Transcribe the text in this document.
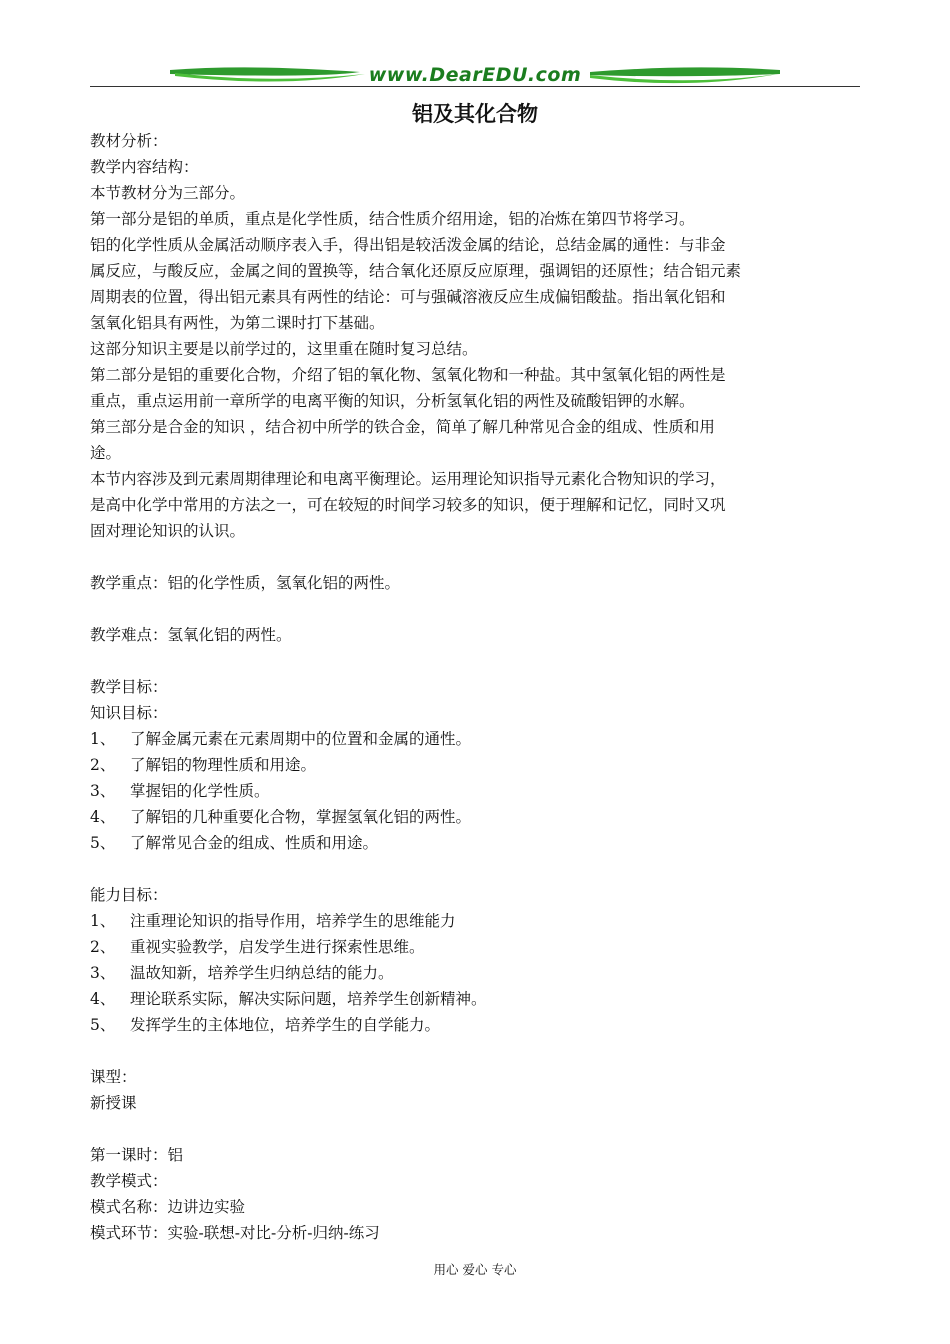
www.DearEDU.com
铝及其化合物
教材分析：
教学内容结构：
本节教材分为三部分。
第一部分是铝的单质，重点是化学性质，结合性质介绍用途，铝的冶炼在第四节将学习。
铝的化学性质从金属活动顺序表入手，得出铝是较活泼金属的结论，总结金属的通性：与非金
属反应，与酸反应，金属之间的置换等，结合氧化还原反应原理，强调铝的还原性；结合铝元素
周期表的位置，得出铝元素具有两性的结论：可与强碱溶液反应生成偏铝酸盐。指出氧化铝和
氢氧化铝具有两性，为第二课时打下基础。
这部分知识主要是以前学过的，这里重在随时复习总结。
第二部分是铝的重要化合物，介绍了铝的氧化物、氢氧化物和一种盐。其中氢氧化铝的两性是
重点，重点运用前一章所学的电离平衡的知识，分析氢氧化铝的两性及硫酸铝钾的水解。
第三部分是合金的知识 ，结合初中所学的铁合金，简单了解几种常见合金的组成、性质和用
途。
本节内容涉及到元素周期律理论和电离平衡理论。运用理论知识指导元素化合物知识的学习，
是高中化学中常用的方法之一，可在较短的时间学习较多的知识，便于理解和记忆，同时又巩
固对理论知识的认识。
教学重点：铝的化学性质，氢氧化铝的两性。
教学难点：氢氧化铝的两性。
教学目标：
知识目标：
1、 了解金属元素在元素周期中的位置和金属的通性。
2、 了解铝的物理性质和用途。
3、 掌握铝的化学性质。
4、 了解铝的几种重要化合物，掌握氢氧化铝的两性。
5、 了解常见合金的组成、性质和用途。
能力目标：
1、 注重理论知识的指导作用，培养学生的思维能力
2、 重视实验教学，启发学生进行探索性思维。
3、 温故知新，培养学生归纳总结的能力。
4、 理论联系实际，解决实际问题，培养学生创新精神。
5、 发挥学生的主体地位，培养学生的自学能力。
课型：
新授课
第一课时：铝
教学模式：
模式名称：边讲边实验
模式环节：实验-联想-对比-分析-归纳-练习
用心 爱心 专心
